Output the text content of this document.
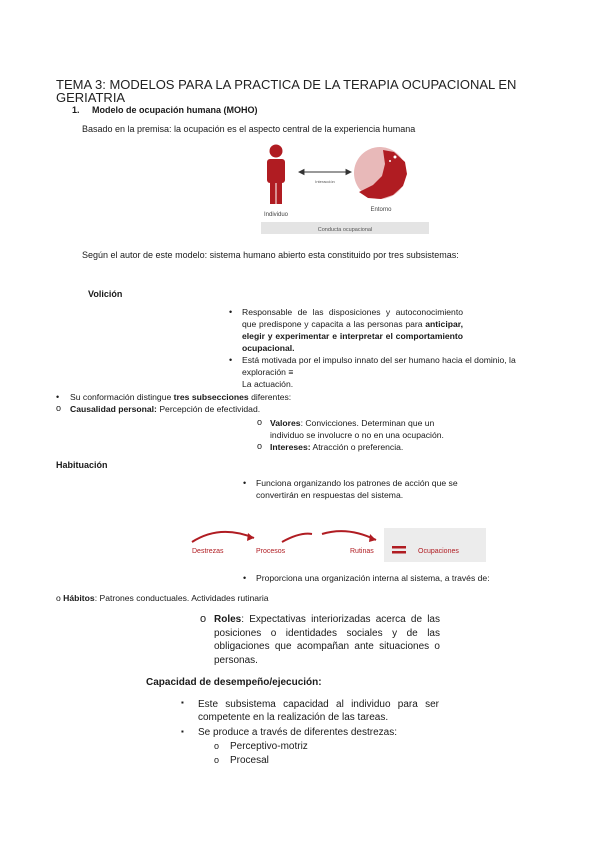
TEMA 3: MODELOS PARA LA PRACTICA DE LA TERAPIA OCUPACIONAL EN GERIATRIA
1. Modelo de ocupación humana (MOHO)
Basado en la premisa: la ocupación es el aspecto central de la experiencia humana
Individuo
Interacción
Entorno
Conducta ocupacional
Según el autor de este modelo: sistema humano abierto esta constituido por tres subsistemas:
Volición
• Responsable de las disposiciones y autoconocimiento que predispone y capacita a las personas para anticipar, elegir y experimentar e interpretar el comportamiento ocupacional.
• Está motivada por el impulso innato del ser humano hacia el dominio, la exploración ≡
La actuación.
• Su conformación distingue tres subsecciones diferentes:
o Causalidad personal: Percepción de efectividad.
o Valores: Convicciones. Determinan que un individuo se involucre o no en una ocupación.
o Intereses: Atracción o preferencia.
Habituación
• Funciona organizando los patrones de acción que se convertirán en respuestas del sistema.
Destrezas	Procesos	Rutinas	Ocupaciones
• Proporciona una organización interna al sistema, a través de:
o Hábitos: Patrones conductuales. Actividades rutinaria
o Roles: Expectativas interiorizadas acerca de las posiciones o identidades sociales y de las obligaciones que acompañan ante situaciones o personas.
Capacidad de desempeño/ejecución:
▪ Este subsistema capacidad al individuo para ser competente en la realización de las tareas.
▪ Se produce a través de diferentes destrezas:
o Perceptivo-motriz
o Procesal
